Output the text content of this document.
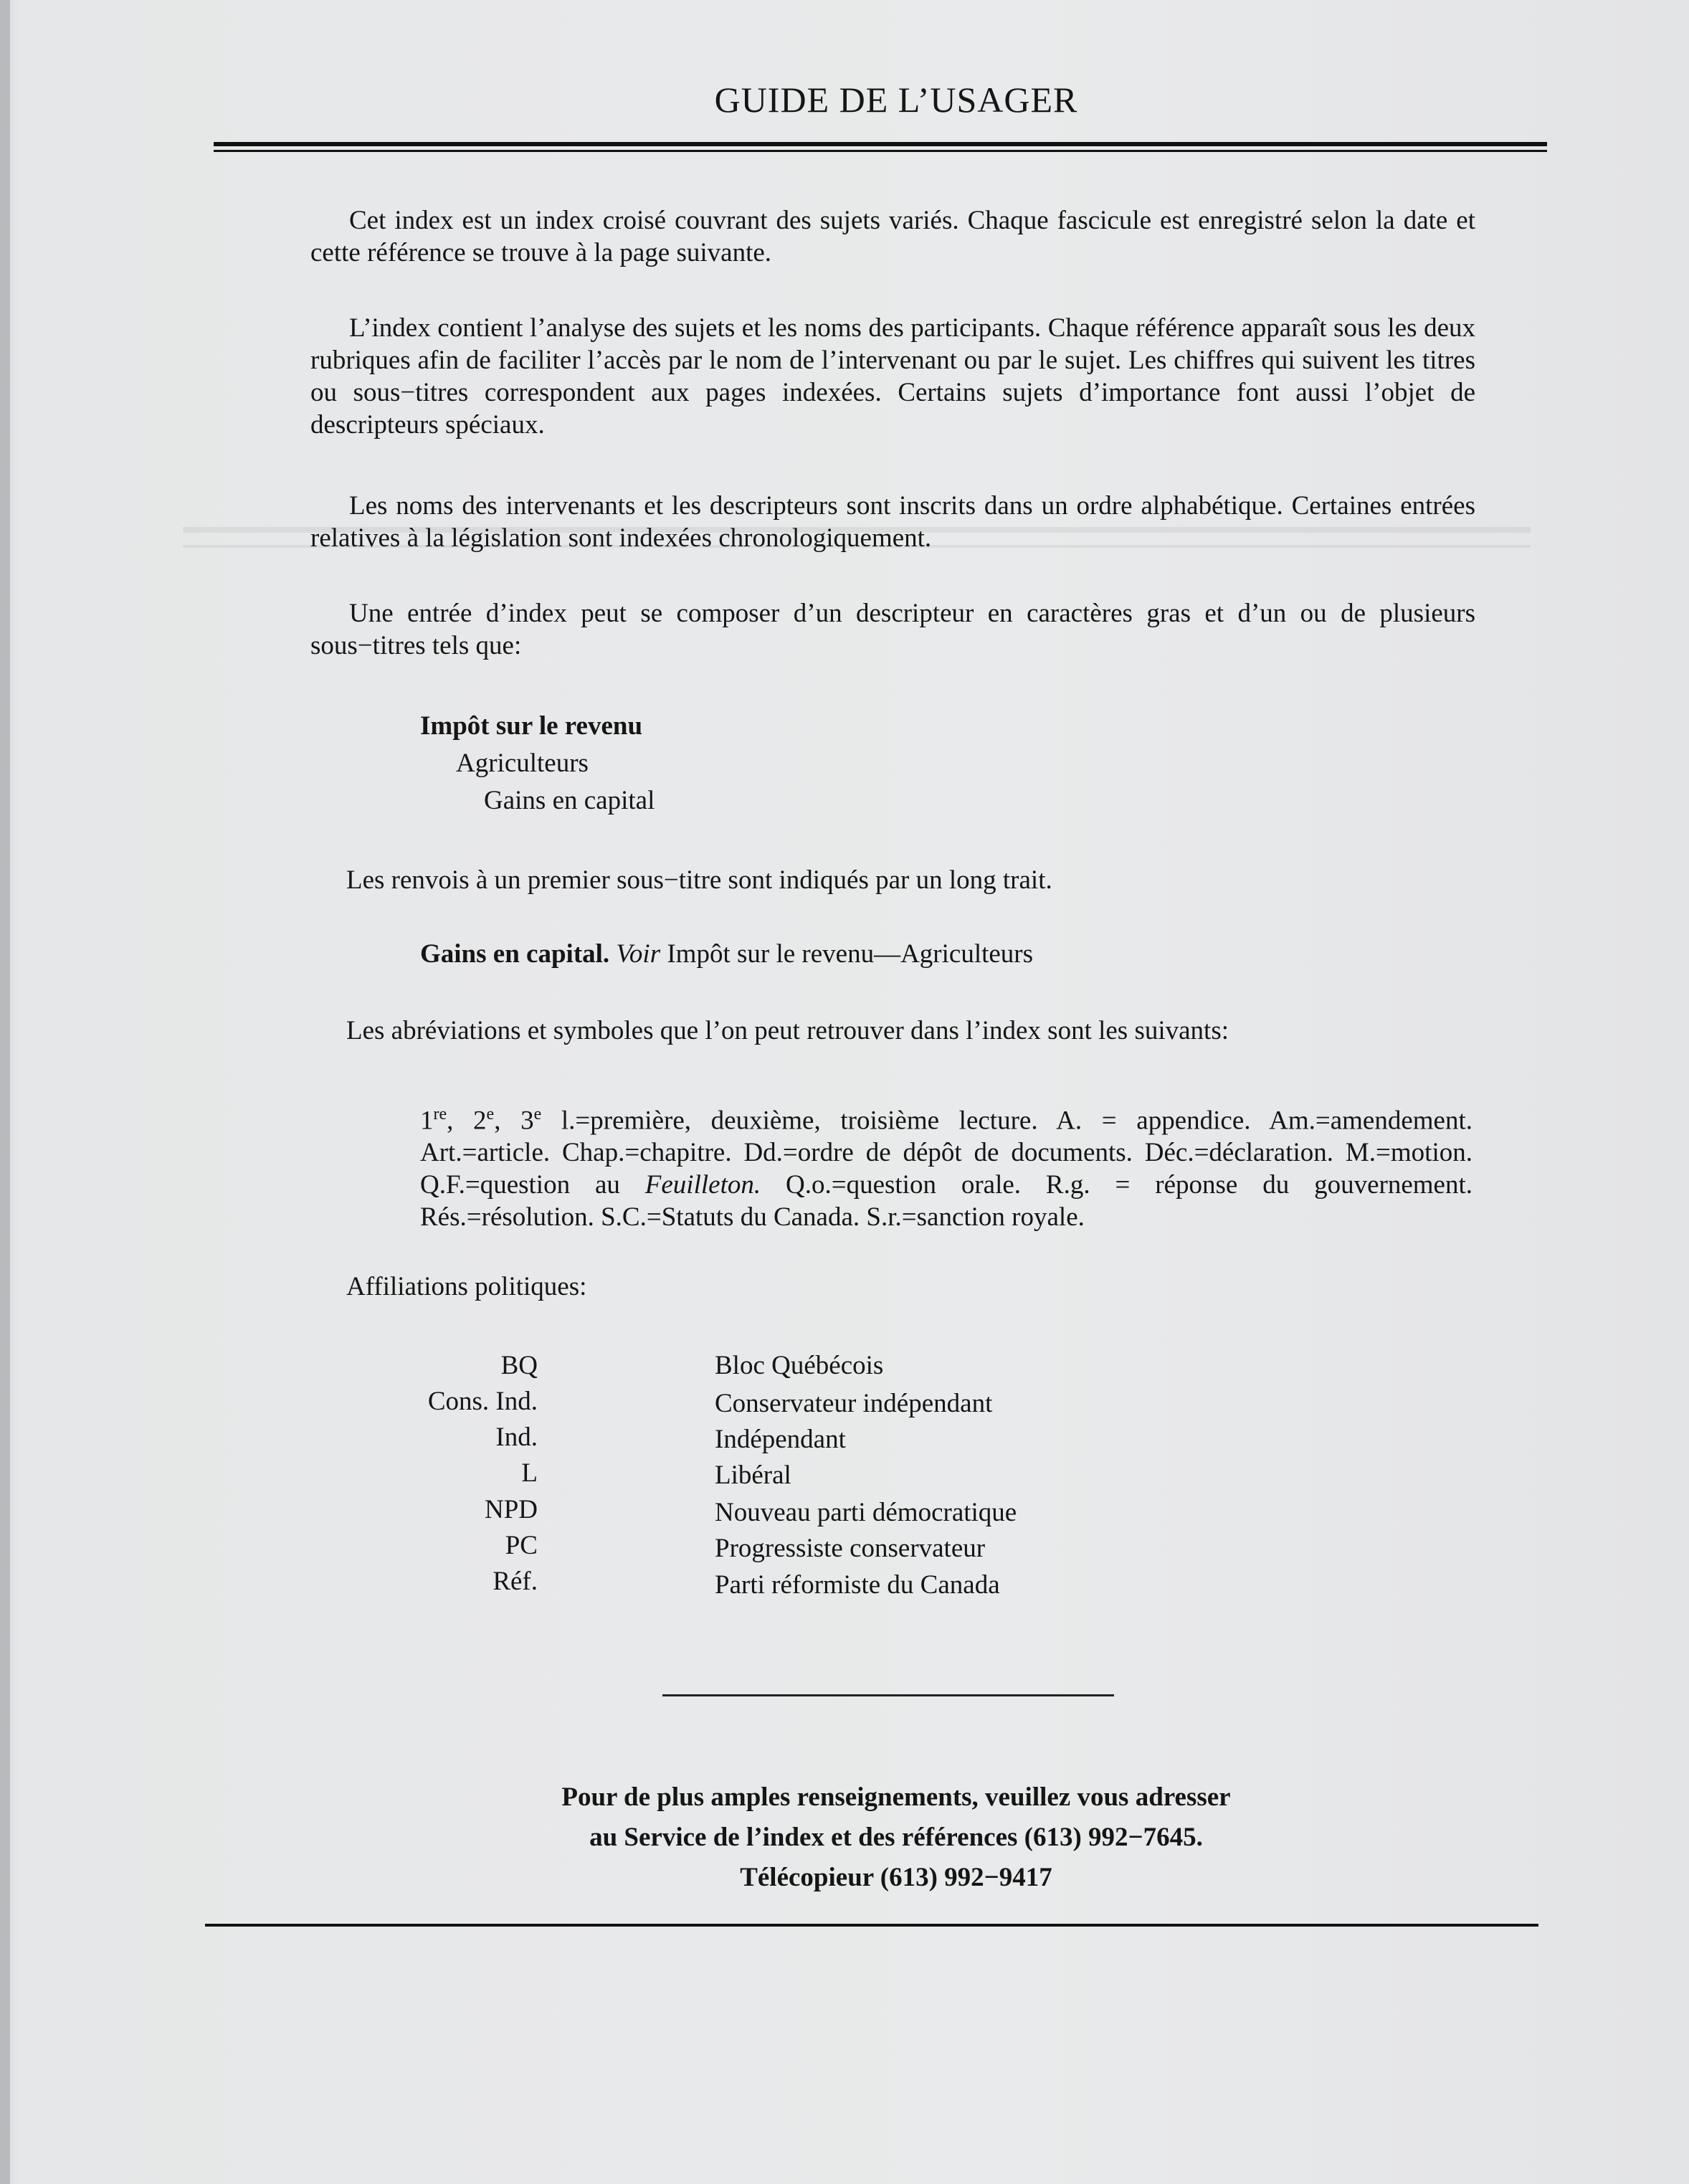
GUIDE DE L’USAGER

Cet index est un index croisé couvrant des sujets variés. Chaque fascicule est enregistré selon la date et cette référence se trouve à la page suivante.

L’index contient l’analyse des sujets et les noms des participants. Chaque référence apparaît sous les deux rubriques afin de faciliter l’accès par le nom de l’intervenant ou par le sujet. Les chiffres qui suivent les titres ou sous−titres correspondent aux pages indexées. Certains sujets d’importance font aussi l’objet de descripteurs spéciaux.

Les noms des intervenants et les descripteurs sont inscrits dans un ordre alphabétique. Certaines entrées relatives à la législation sont indexées chronologiquement.

Une entrée d’index peut se composer d’un descripteur en caractères gras et d’un ou de plusieurs sous−titres tels que:

Impôt sur le revenu
Agriculteurs
Gains en capital
Les renvois à un premier sous−titre sont indiqués par un long trait.
Gains en capital. Voir Impôt sur le revenu—Agriculteurs
Les abréviations et symboles que l’on peut retrouver dans l’index sont les suivants:

1re, 2e, 3e l.=première, deuxième, troisième lecture. A. = appendice. Am.=amendement. Art.=article. Chap.=chapitre. Dd.=ordre de dépôt de documents. Déc.=déclaration. M.=motion. Q.F.=question au Feuilleton. Q.o.=question orale. R.g. = réponse du gouvernement. Rés.=résolution. S.C.=Statuts du Canada. S.r.=sanction royale.

Affiliations politiques:
BQ	Bloc Québécois
Cons. Ind.	Conservateur indépendant
Ind.	Indépendant
L	Libéral
NPD	Nouveau parti démocratique
PC	Progressiste conservateur
Réf.	Parti réformiste du Canada
Pour de plus amples renseignements, veuillez vous adresser
au Service de l’index et des références (613) 992−7645.
Télécopieur (613) 992−9417
